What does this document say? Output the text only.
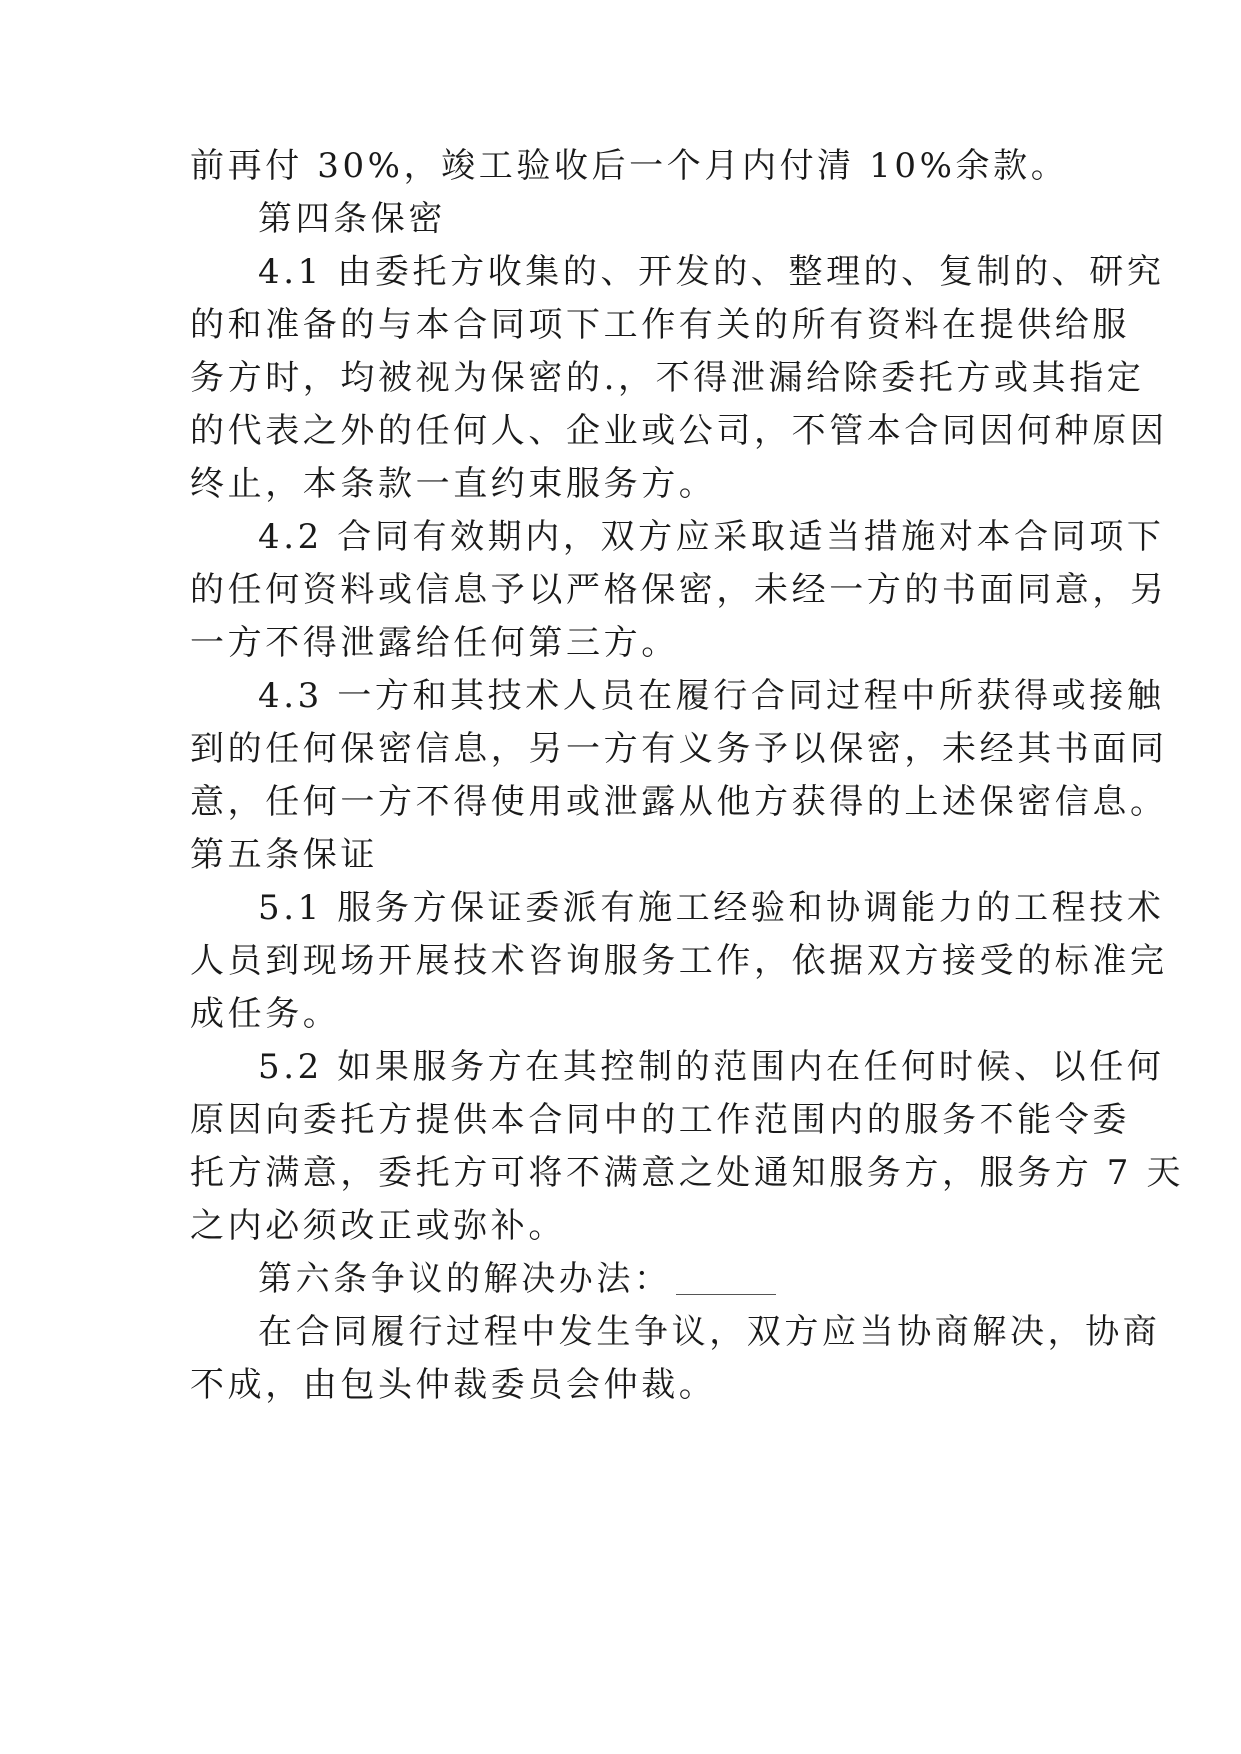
前再付 30%，竣工验收后一个月内付清 10%余款。
第四条保密
4.1 由委托方收集的、开发的、整理的、复制的、研究
的和准备的与本合同项下工作有关的所有资料在提供给服
务方时，均被视为保密的.，不得泄漏给除委托方或其指定
的代表之外的任何人、企业或公司，不管本合同因何种原因
终止，本条款一直约束服务方。
4.2 合同有效期内，双方应采取适当措施对本合同项下
的任何资料或信息予以严格保密，未经一方的书面同意，另
一方不得泄露给任何第三方。
4.3 一方和其技术人员在履行合同过程中所获得或接触
到的任何保密信息，另一方有义务予以保密，未经其书面同
意，任何一方不得使用或泄露从他方获得的上述保密信息。
第五条保证
5.1 服务方保证委派有施工经验和协调能力的工程技术
人员到现场开展技术咨询服务工作，依据双方接受的标准完
成任务。
5.2 如果服务方在其控制的范围内在任何时候、以任何
原因向委托方提供本合同中的工作范围内的服务不能令委
托方满意，委托方可将不满意之处通知服务方，服务方 7 天
之内必须改正或弥补。
第六条争议的解决办法：
在合同履行过程中发生争议，双方应当协商解决，协商
不成，由包头仲裁委员会仲裁。
